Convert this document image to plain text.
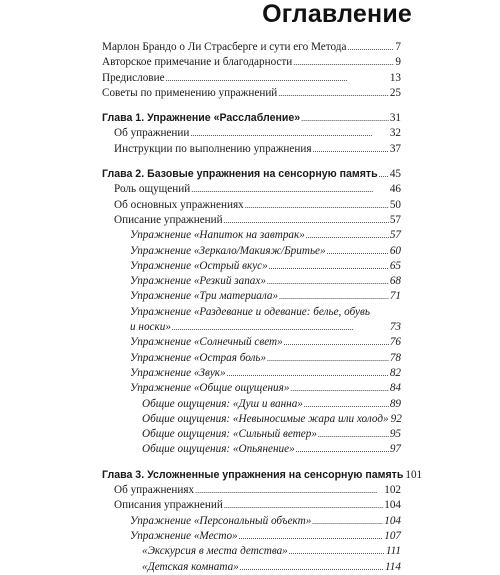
Оглавление
Марлон Брандо о Ли Страсберге и сути его Метода . . .	7
Авторское примечание и благодарности . . .	9
Предисловие . . .	13
Советы по применению упражнений . . .	25
Глава 1. Упражнение «Расслабление» . . .	31
Об упражнении . . .	32
Инструкции по выполнению упражнения . . .	37
Глава 2. Базовые упражнения на сенсорную память . . . 45
Роль ощущений . . .	46
Об основных упражнениях . . .	50
Описание упражнений . . .	57
Упражнение «Напиток на завтрак» . . .	57
Упражнение «Зеркало/Макияж/Бритье» . . .	60
Упражнение «Острый вкус» . . .	65
Упражнение «Резкий запах» . . .	68
Упражнение «Три материала» . . .	71
Упражнение «Раздевание и одевание: белье, обувь
и носки» . . .	73
Упражнение «Солнечный свет» . . .	76
Упражнение «Острая боль» . . .	78
Упражнение «Звук» . . .	82
Упражнение «Общие ощущения» . . .	84
Общие ощущения: «Душ и ванна» . . .	89
Общие ощущения: «Невыносимые жара или холод» 92
Общие ощущения: «Сильный ветер» . . .	95
Общие ощущения: «Опьянение» . . .	97
Глава 3. Усложненные упражнения на сенсорную память 101
Об упражнениях . . .	102
Описания упражнений . . .	104
Упражнение «Персональный объект» . . .	104
Упражнение «Место» . . .	107
«Экскурсия в места детства» . . .	111
«Детская комната» . . .	114
